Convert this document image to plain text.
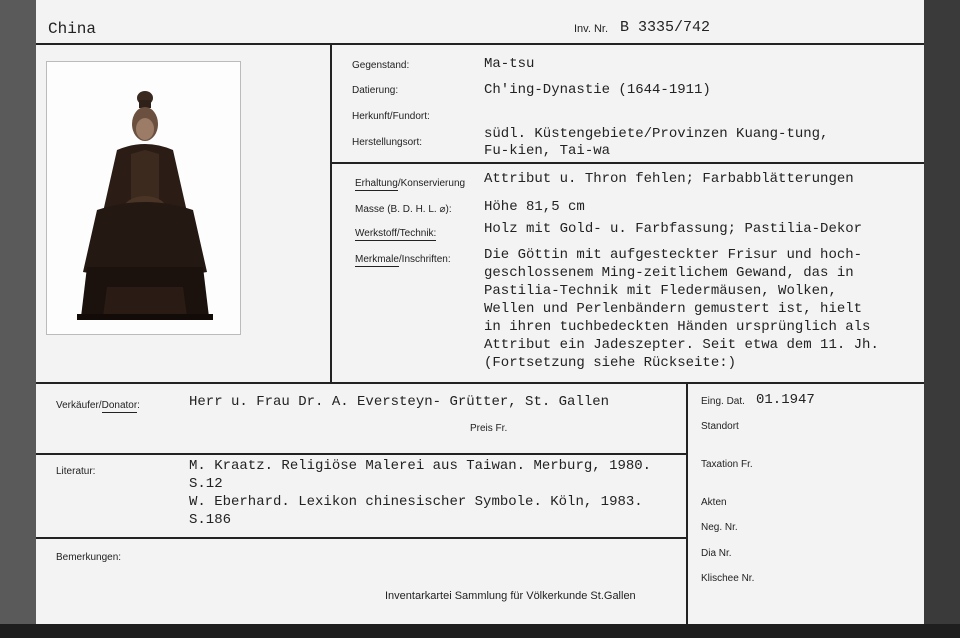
China	Inv. Nr. B 3335/742
Gegenstand:	Ma-tsu
Datierung:	Ch'ing-Dynastie (1644-1911)
Herkunft/Fundort:
Herstellungsort:
südl. Küstengebiete/Provinzen Kuang-tung,
Fu-kien, Tai-wa
Erhaltung/Konservierung Attribut u. Thron fehlen; Farbabblätterungen
Masse (B. D. H. L. ⌀): Höhe 81,5 cm
Werkstoff/Technik:	Holz mit Gold- u. Farbfassung; Pastilia-Dekor
Merkmale/Inschriften: Die Göttin mit aufgesteckter Frisur und hoch-
geschlossenem Ming-zeitlichem Gewand, das in
Pastilia-Technik mit Fledermäusen, Wolken,
Wellen und Perlenbändern gemustert ist, hielt
in ihren tuchbedeckten Händen ursprünglich als
Attribut ein Jadeszepter. Seit etwa dem 11. Jh.
(Fortsetzung siehe Rückseite:)
Verkäufer/Donator:	Herr u. Frau Dr. A. Eversteyn- Grütter, St. Gallen
Preis Fr.
Eing. Dat. 01.1947
Standort
Taxation Fr.
Akten
Neg. Nr.
Dia Nr.
Klischee Nr.
Literatur:	M. Kraatz. Religiöse Malerei aus Taiwan. Merburg, 1980.
S.12
W. Eberhard. Lexikon chinesischer Symbole. Köln, 1983.
S.186
Bemerkungen:
Inventarkartei Sammlung für Völkerkunde St.Gallen
